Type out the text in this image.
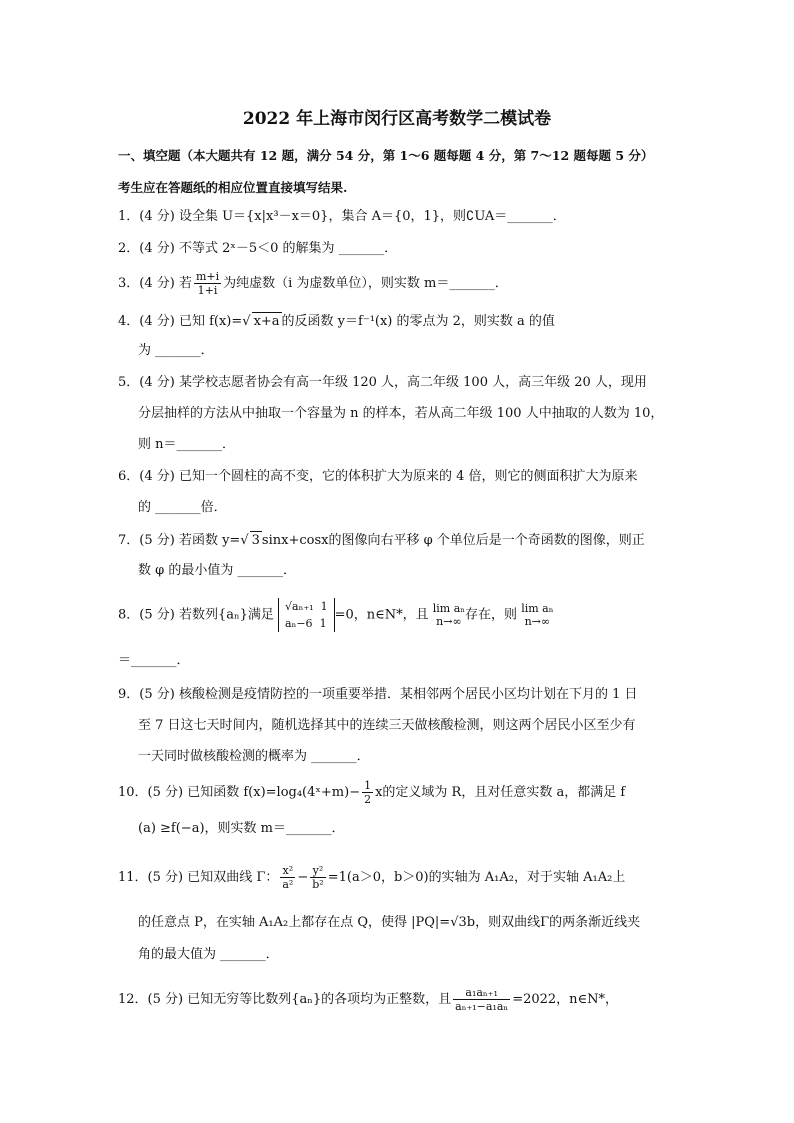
2022 年上海市闵行区高考数学二模试卷
一、填空题（本大题共有 12 题，满分 54 分，第 1～6 题每题 4 分，第 7～12 题每题 5 分）
考生应在答题纸的相应位置直接填写结果.
1．(4 分) 设全集 U＝{x|x³－x＝0}，集合 A＝{0，1}，则∁UA＝_______．
2．(4 分) 不等式 2ˣ－5＜0 的解集为 _______．
3．(4 分) 若 $\frac{m+i}{1+i}$ 为纯虚数（i 为虚数单位），则实数 m＝_______．
4．(4 分) 已知 f(x)=√ x+a 的反函数 y＝f⁻¹(x) 的零点为 2，则实数 a 的值
为 _______．
5．(4 分) 某学校志愿者协会有高一年级 120 人，高二年级 100 人，高三年级 20 人，现用
分层抽样的方法从中抽取一个容量为 n 的样本，若从高二年级 100 人中抽取的人数为 10，
则 n＝_______．
6．(4 分) 已知一个圆柱的高不变，它的体积扩大为原来的 4 倍，则它的侧面积扩大为原来
的 _______倍．
7．(5 分) 若函数 y=√ 3 sinx+cosx的图像向右平移 φ 个单位后是一个奇函数的图像，则正
数 φ 的最小值为 _______．
8．(5 分) 若数列{aₙ}满足 √aₙ₊₁ 1
aₙ−6 1=0，n∈N*，且 lim aₙ
n→∞ 存在，则 lim aₙ
n→∞
＝_______．
9．(5 分) 核酸检测是疫情防控的一项重要举措．某相邻两个居民小区均计划在下月的 1 日
至 7 日这七天时间内，随机选择其中的连续三天做核酸检测，则这两个居民小区至少有
一天同时做核酸检测的概率为 _______．
10．(5 分) 已知函数 f(x)=log₄(4ˣ+m)− $\frac{1}{2}$ x的定义域为 R，且对任意实数 a，都满足 f
(a) ≥f(−a)，则实数 m＝_______．
11．(5 分) 已知双曲线 Γ： $\frac{\text{x²}}{\text{a²}} - \frac{\text{y²}}{\text{b²}} =1(a>0$，b＞0)的实轴为 A₁A₂，对于实轴 A₁A₂上
的任意点 P，在实轴 A₁A₂上都存在点 Q，使得 |PQ|=√3b，则双曲线Γ的两条渐近线夹
角的最大值为 _______．
12．(5 分) 已知无穷等比数列{aₙ}的各项均为正整数，且 $\frac{\text{a₁aₙ₊₁}}{\text{aₙ₊₁−a₁aₙ}} =2022$，n∈N*，
